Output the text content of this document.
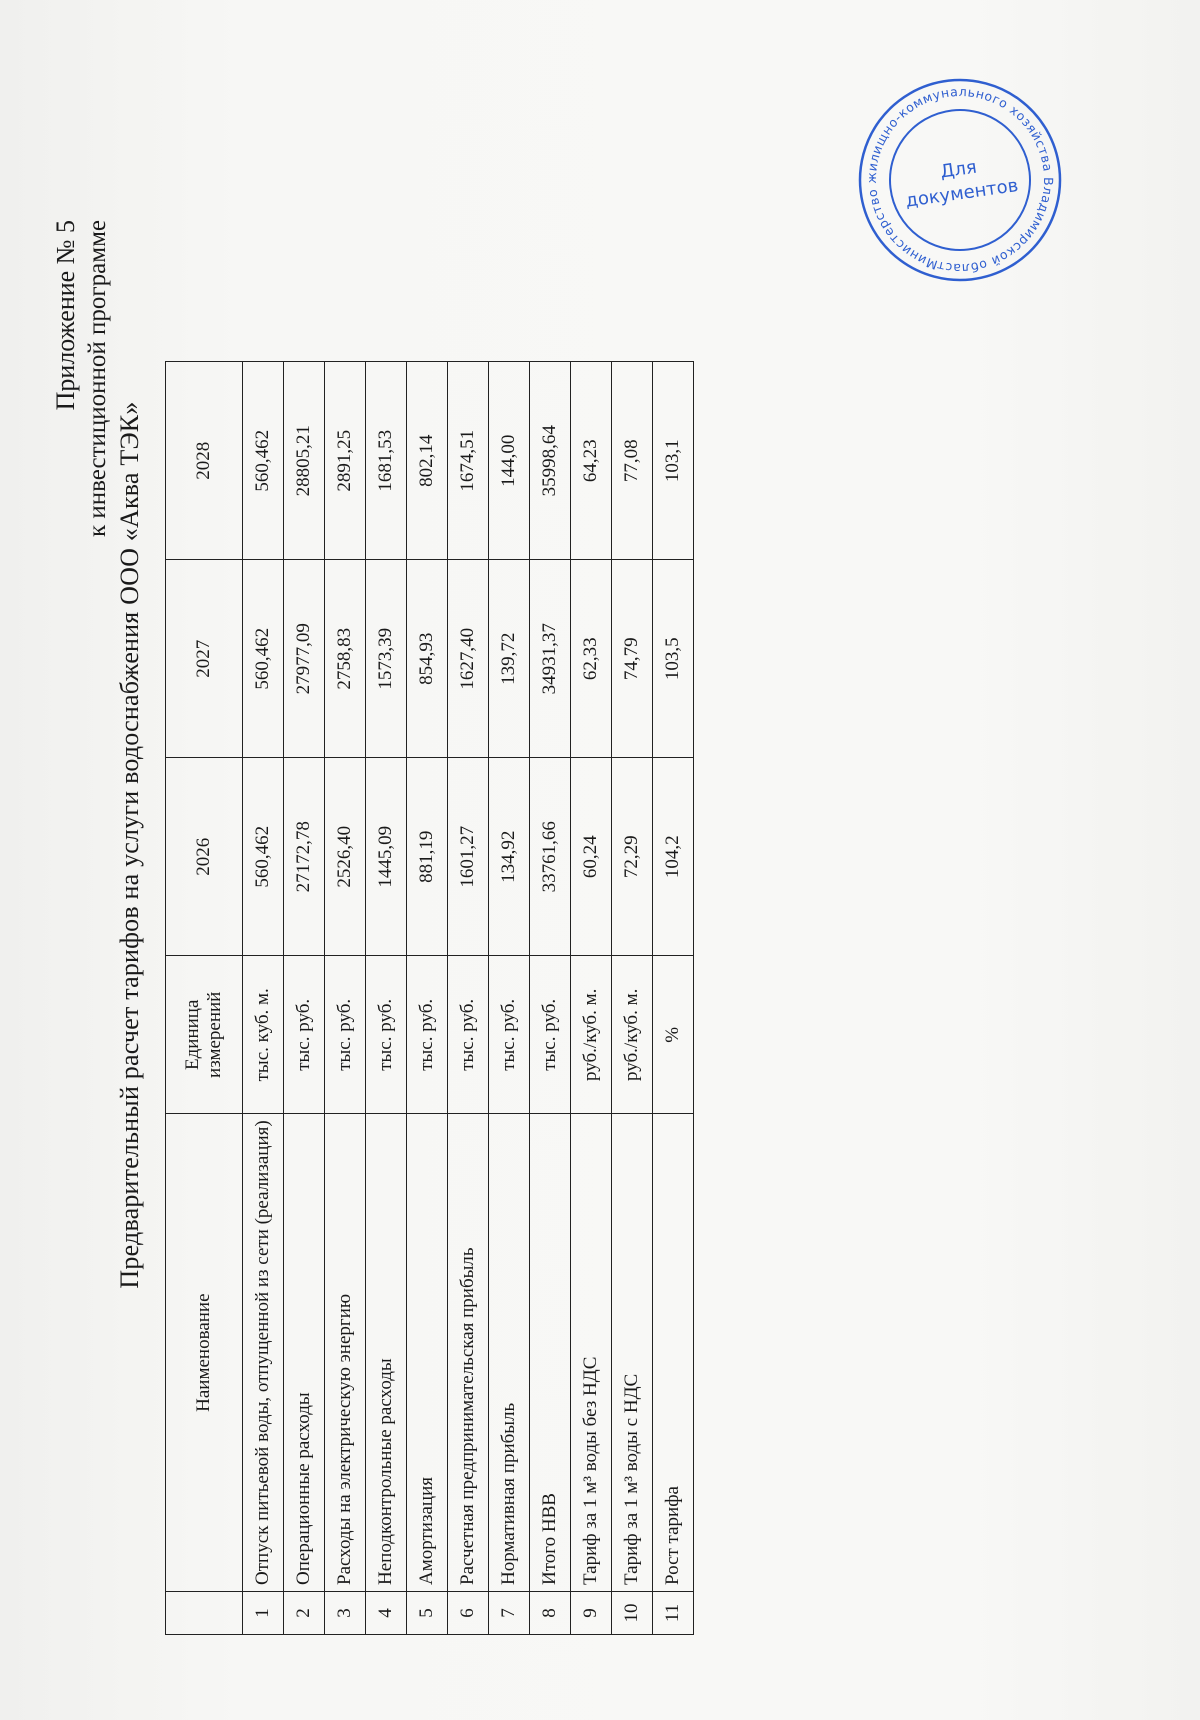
Приложение № 5 к инвестиционной программе
Предварительный расчет тарифов на услуги водоснабжения ООО «Аква ТЭК»
	Наименование	Единица измерений	2026	2027	2028
1	Отпуск питьевой воды, отпущенной из сети (реализация)	тыс. куб. м.	560,462	560,462	560,462
2	Операционные расходы	тыс. руб.	27172,78	27977,09	28805,21
3	Расходы на электрическую энергию	тыс. руб.	2526,40	2758,83	2891,25
4	Неподконтрольные расходы	тыс. руб.	1445,09	1573,39	1681,53
5	Амортизация	тыс. руб.	881,19	854,93	802,14
6	Расчетная предпринимательская прибыль	тыс. руб.	1601,27	1627,40	1674,51
7	Нормативная прибыль	тыс. руб.	134,92	139,72	144,00
8	Итого НВВ	тыс. руб.	33761,66	34931,37	35998,64
9	Тариф за 1 м³ воды без НДС	руб./куб. м.	60,24	62,33	64,23
10	Тариф за 1 м³ воды с НДС	руб./куб. м.	72,29	74,79	77,08
11	Рост тарифа	%	104,2	103,5	103,1
Министерство жилищно-коммунального хозяйства Владимирской области
Для
документов
